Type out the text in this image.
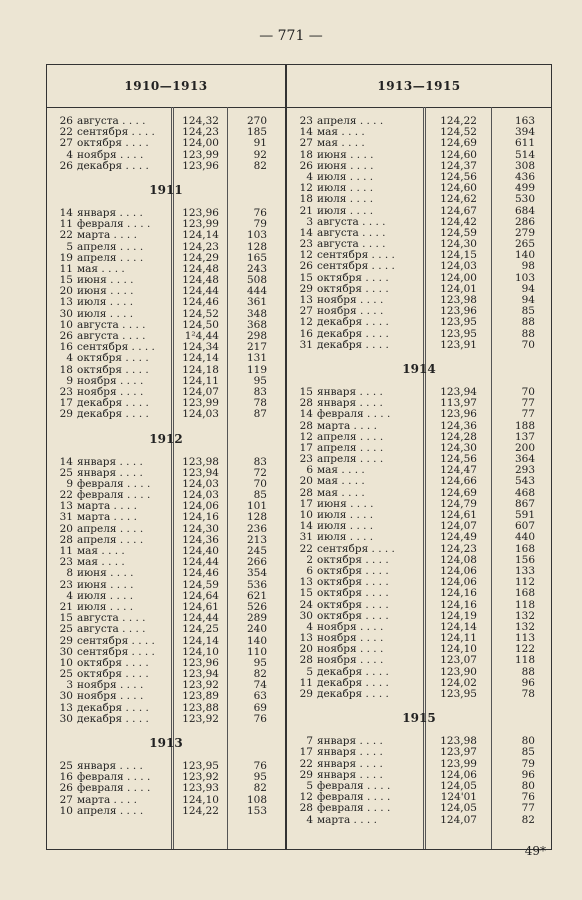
— 771 —
1910—1913
26 августа . . . .	124,32	270
22 сентября . . . .	124,23	185
27 октября . . . .	124,00	91
4 ноября . . . .	123,99	92
26 декабря . . . .	123,96	82
1911
14 января . . . .	123,96	76
11 февраля . . . .	123,99	79
22 марта . . . .	124,14	103
5 апреля . . . .	124,23	128
19 апреля . . . .	124,29	165
11 мая . . . .	124,48	243
15 июня . . . .	124,48	508
20 июня . . . .	124,44	444
13 июля . . . .	124,46	361
30 июля . . . .	124,52	348
10 августа . . . .	124,50	368
26 августа . . . .	1²4,44	298
16 сентября . . . .	124,34	217
4 октября . . . .	124,14	131
18 октября . . . .	124,18	119
9 ноября . . . .	124,11	95
23 ноября . . . .	124,07	83
17 декабря . . . .	123,99	78
29 декабря . . . .	124,03	87
1912
14 января . . . .	123,98	83
25 января . . . .	123,94	72
9 февраля . . . .	124,03	70
22 февраля . . . .	124,03	85
13 марта . . . .	124,06	101
31 марта . . . .	124,16	128
20 апреля . . . .	124,30	236
28 апреля . . . .	124,36	213
11 мая . . . .	124,40	245
23 мая . . . .	124,44	266
8 июня . . . .	124,46	354
23 июня . . . .	124,59	536
4 июля . . . .	124,64	621
21 июля . . . .	124,61	526
15 августа . . . .	124,44	289
25 августа . . . .	124,25	240
29 сентября . . . .	124,14	140
30 сентября . . . .	124,10	110
10 октября . . . .	123,96	95
25 октября . . . .	123,94	82
3 ноября . . . .	123,92	74
30 ноября . . . .	123,89	63
13 декабря . . . .	123,88	69
30 декабря . . . .	123,92	76
1913
25 января . . . .	123,95	76
16 февраля . . . .	123,92	95
26 февраля . . . .	123,93	82
27 марта . . . .	124,10	108
10 апреля . . . .	124,22	153
1913—1915
23 апреля . . . .	124,22	163
14 мая . . . .	124,52	394
27 мая . . . .	124,69	611
18 июня . . . .	124,60	514
26 июня . . . .	124,37	308
4 июля . . . .	124,56	436
12 июля . . . .	124,60	499
18 июля . . . .	124,62	530
21 июля . . . .	124,67	684
3 августа . . . .	124,42	286
14 августа . . . .	124,59	279
23 августа . . . .	124,30	265
12 сентября . . . .	124,15	140
26 сентября . . . .	124,03	98
15 октября . . . .	124,00	103
29 октября . . . .	124,01	94
13 ноября . . . .	123,98	94
27 ноября . . . .	123,96	85
12 декабря . . . .	123,95	88
16 декабря . . . .	123,95	88
31 декабря . . . .	123,91	70
1914
15 января . . . .	123,94	70
28 января . . . .	113,97	77
14 февраля . . . .	123,96	77
28 марта . . . .	124,36	188
12 апреля . . . .	124,28	137
17 апреля . . . .	124,30	200
23 апреля . . . .	124,56	364
6 мая . . . .	124,47	293
20 мая . . . .	124,66	543
28 мая . . . .	124,69	468
17 июня . . . .	124,79	867
10 июля . . . .	124,61	591
14 июля . . . .	124,07	607
31 июля . . . .	124,49	440
22 сентября . . . .	124,23	168
2 октября . . . .	124,08	156
6 октября . . . .	124,06	133
13 октября . . . .	124,06	112
15 октября . . . .	124,16	168
24 октября . . . .	124,16	118
30 октября . . . .	124,19	132
4 ноября . . . .	124,14	132
13 ноября . . . .	124,11	113
20 ноября . . . .	124,10	122
28 ноября . . . .	123,07	118
5 декабря . . . .	123,90	88
11 декабря . . . .	124,02	96
29 декабря . . . .	123,95	78
1915
7 января . . . .	123,98	80
17 января . . . .	123,97	85
22 января . . . .	123,99	79
29 января . . . .	124,06	96
5 февраля . . . .	124,05	80
12 февраля . . . .	124'01	76
28 февраля . . . .	124,05	77
4 марта . . . .	124,07	82
49*
